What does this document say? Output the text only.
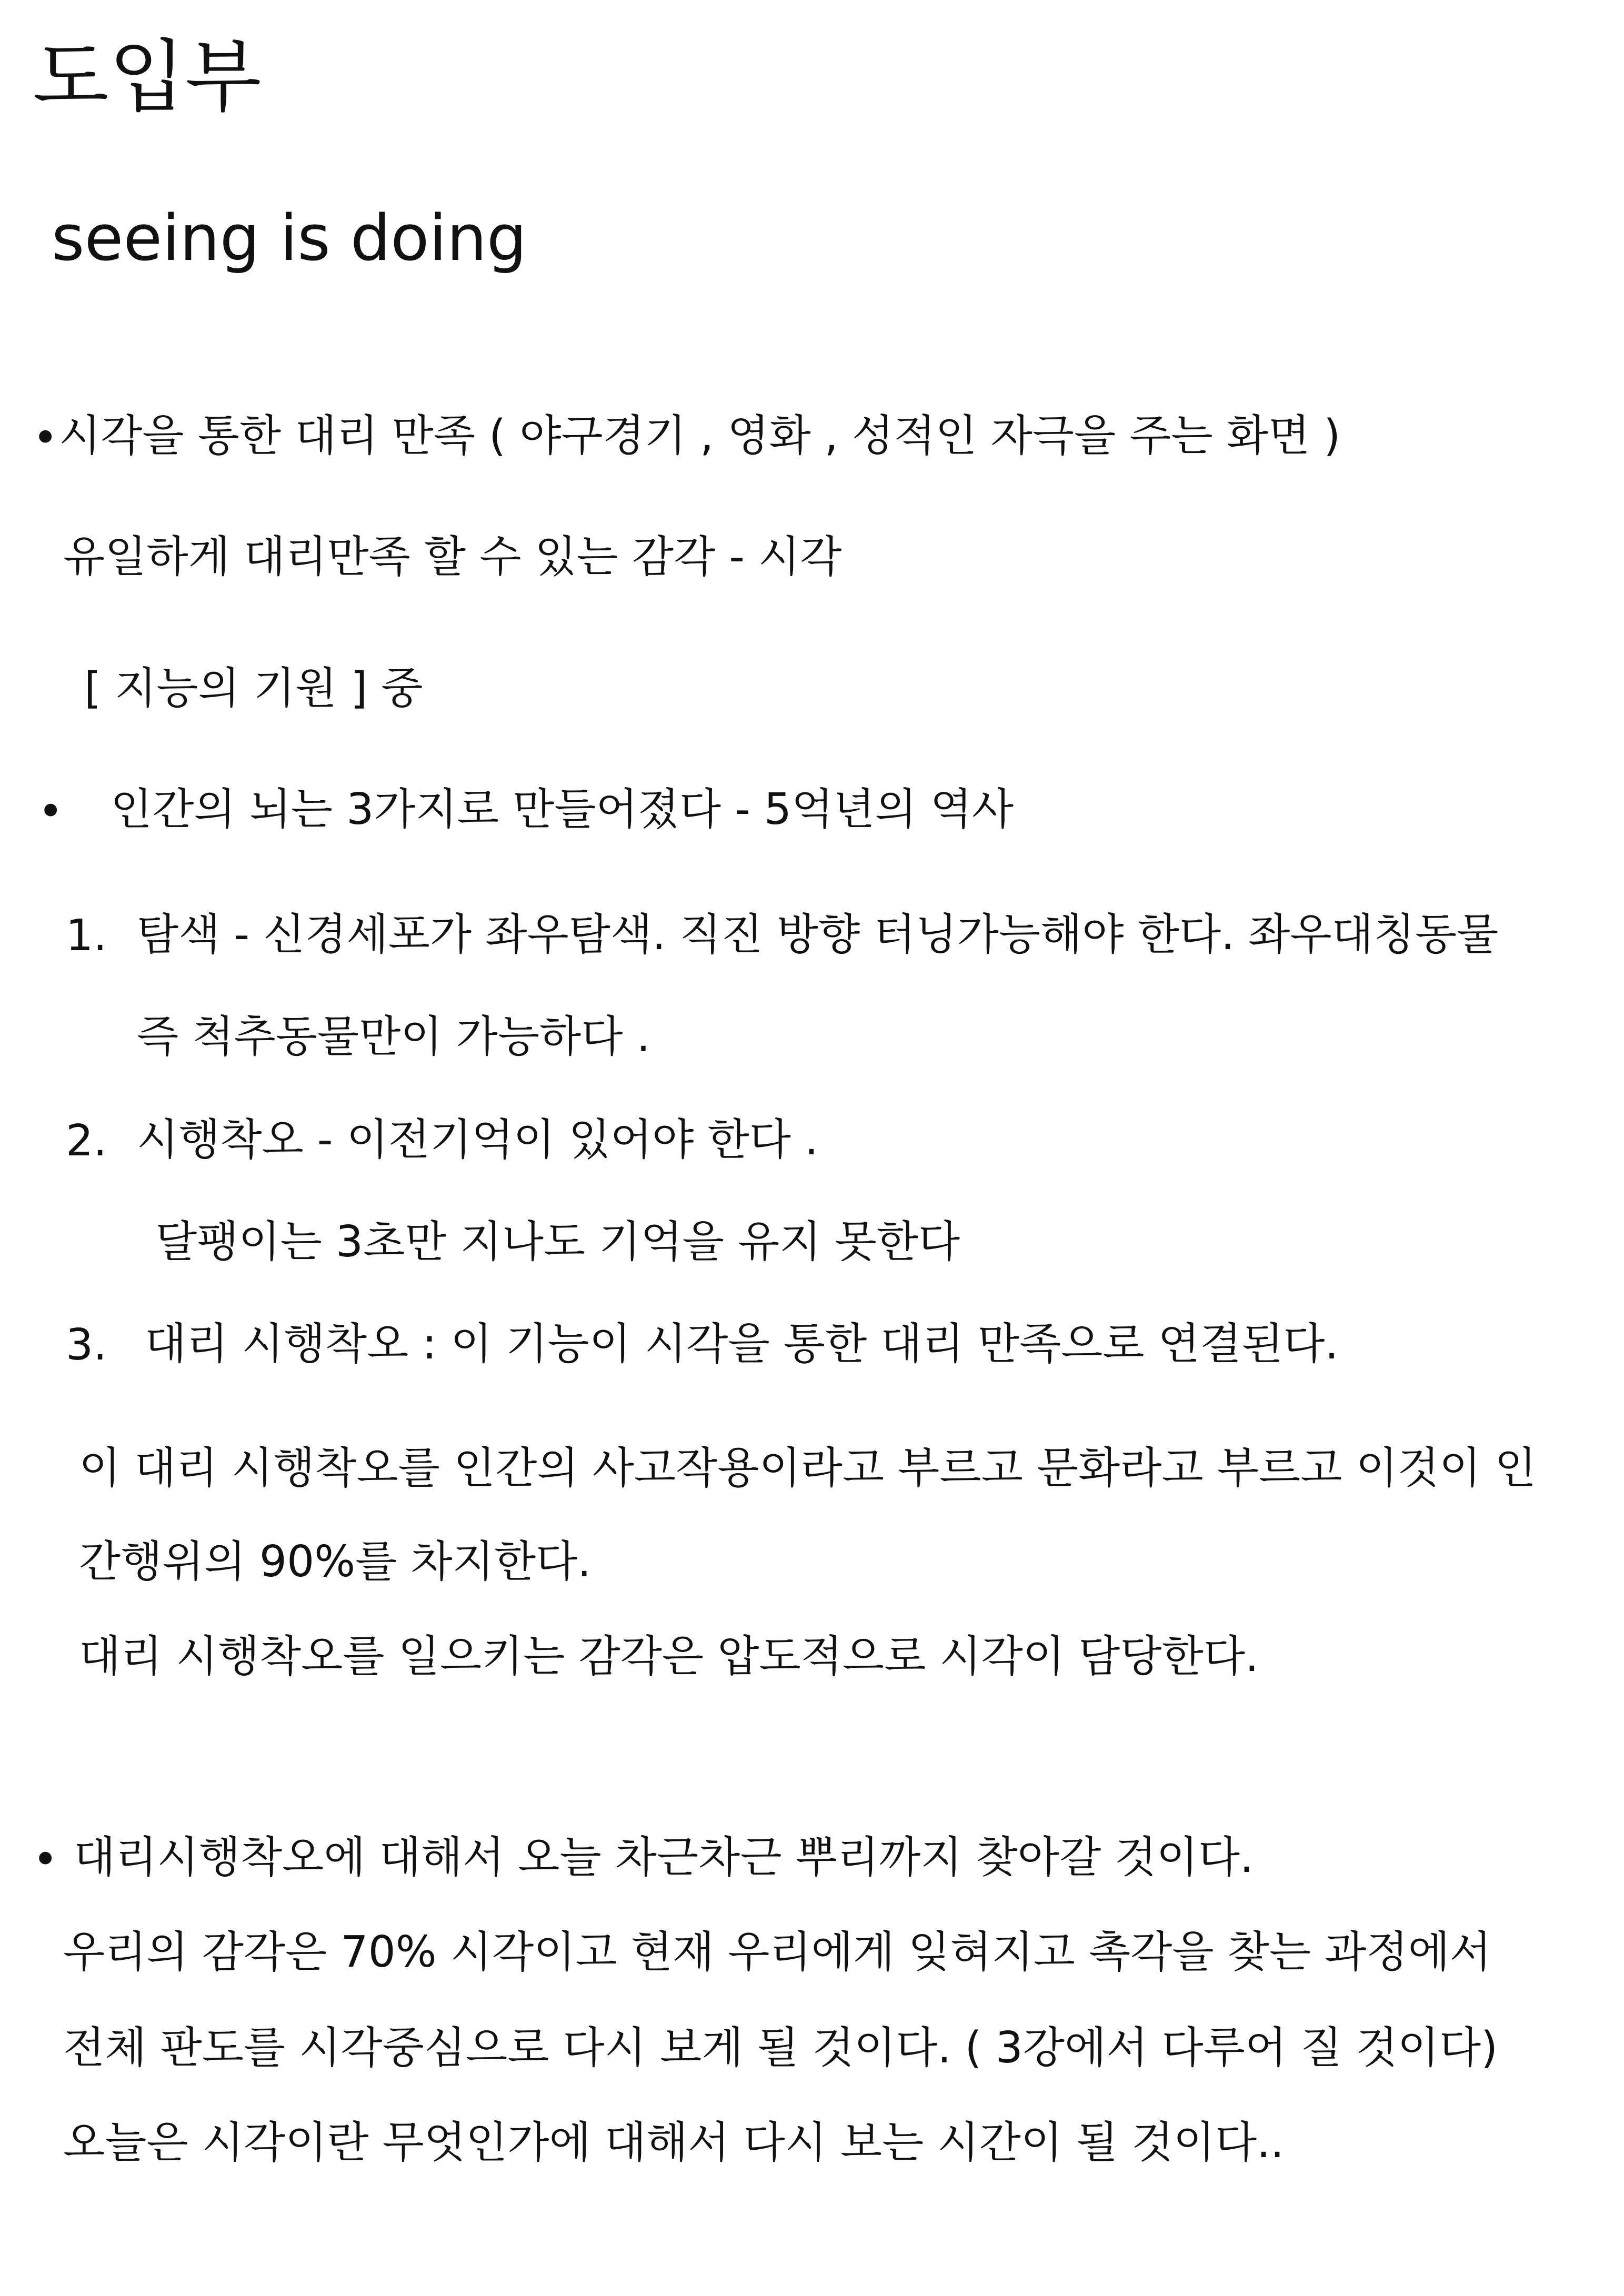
도입부
seeing is doing
• 시각을 통한 대리 만족 ( 야구경기 , 영화 , 성적인 자극을 주는 화면 )
유일하게 대리만족 할 수 있는 감각 - 시각
[ 지능의 기원 ] 중
• 인간의 뇌는 3가지로 만들어졌다 - 5억년의 역사
1. 탐색 - 신경세포가 좌우탐색. 직진 방향 터닝가능해야 한다. 좌우대칭동물
즉 척추동물만이 가능하다 .
2. 시행착오 - 이전기억이 있어야 한다 .
달팽이는 3초만 지나도 기억을 유지 못한다
3. 대리 시행착오 : 이 기능이 시각을 통한 대리 만족으로 연결된다.
이 대리 시행착오를 인간의 사고작용이라고 부르고 문화라고 부르고 이것이 인
간행위의 90%를 차지한다.
대리 시행착오를 일으키는 감각은 압도적으로 시각이 담당한다.
• 대리시행착오에 대해서 오늘 차근차근 뿌리까지 찾아갈 것이다.
우리의 감각은 70% 시각이고 현재 우리에게 잊혀지고 촉각을 찾는 과정에서
전체 판도를 시각중심으로 다시 보게 될 것이다. ( 3강에서 다루어 질 것이다)
오늘은 시각이란 무엇인가에 대해서 다시 보는 시간이 될 것이다..
